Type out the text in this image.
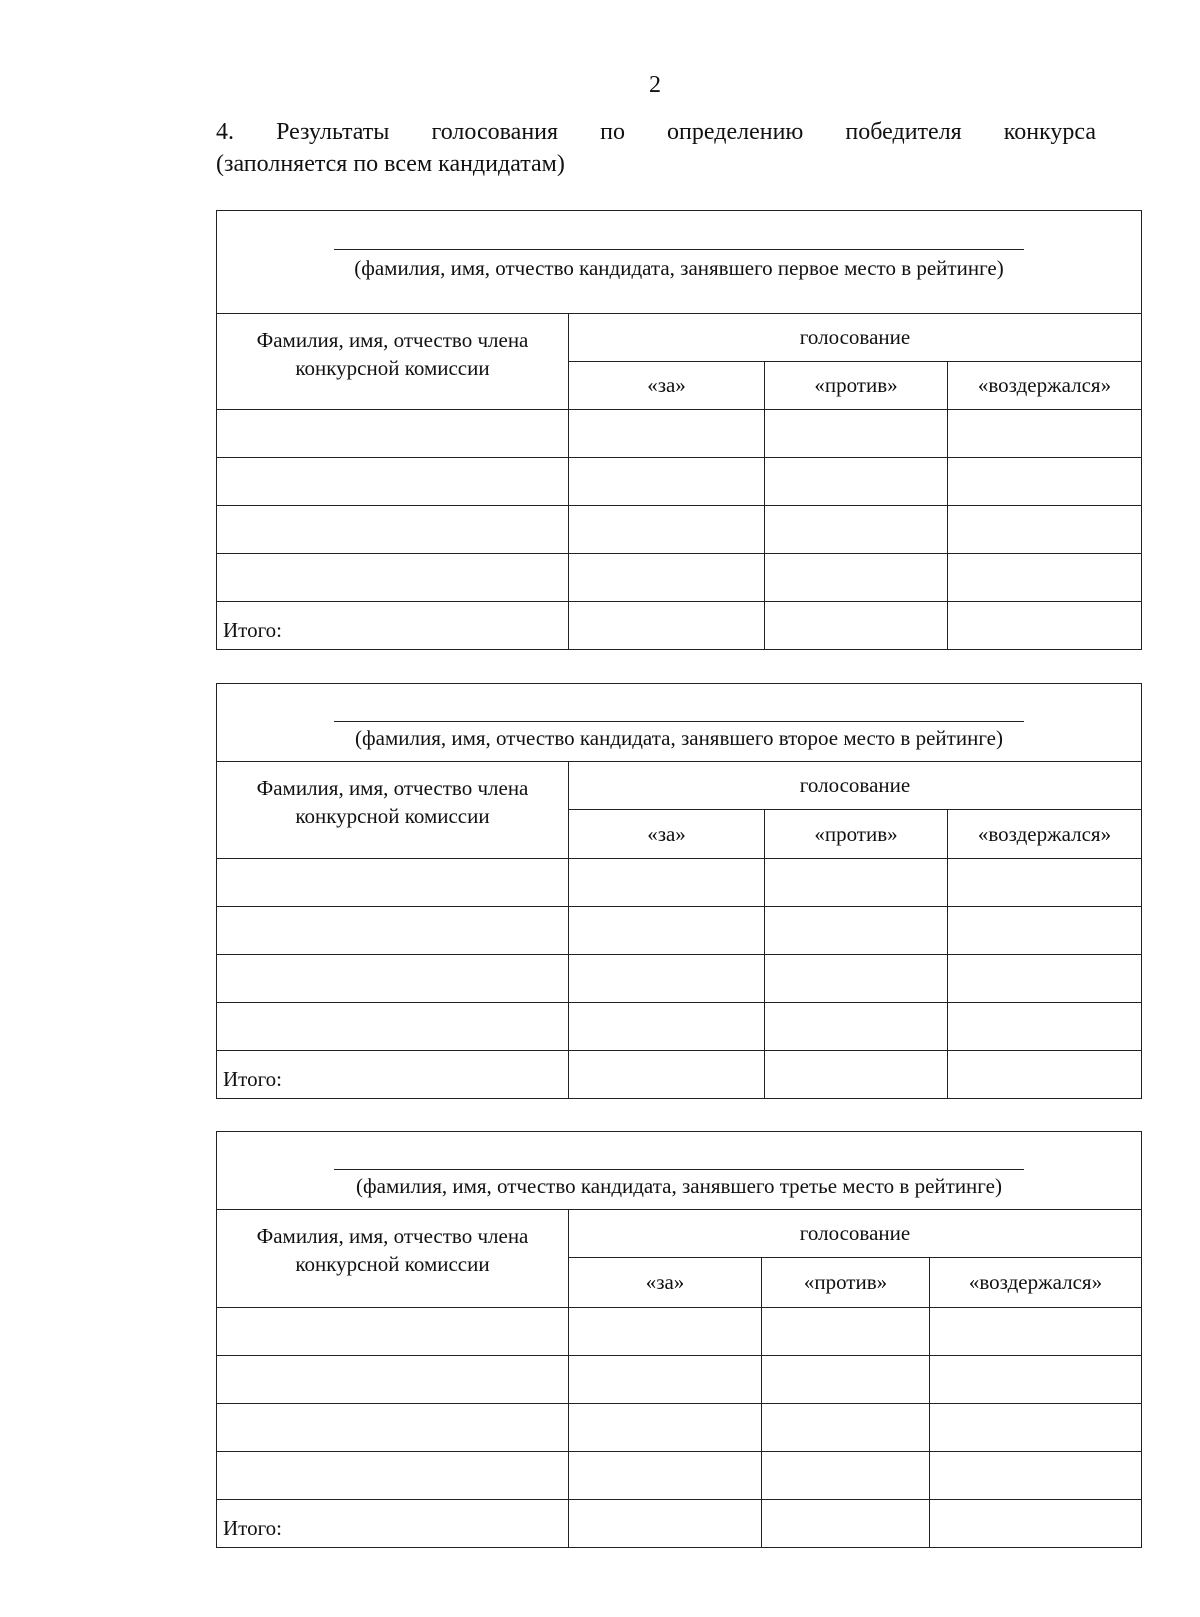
2
4. Результаты голосования по определению победителя конкурса
(заполняется по всем кандидатам)
(фамилия, имя, отчество кандидата, занявшего первое место в рейтинге)			

Фамилия, имя, отчество члена конкурсной комиссии	голосование		
	«за»	«против»	«воздержался»

Итого:			
(фамилия, имя, отчество кандидата, занявшего второе место в рейтинге)			

Фамилия, имя, отчество члена конкурсной комиссии	голосование		
	«за»	«против»	«воздержался»

Итого:			
(фамилия, имя, отчество кандидата, занявшего третье место в рейтинге)			

Фамилия, имя, отчество члена конкурсной комиссии	голосование		
	«за»	«против»	«воздержался»

Итого:			
